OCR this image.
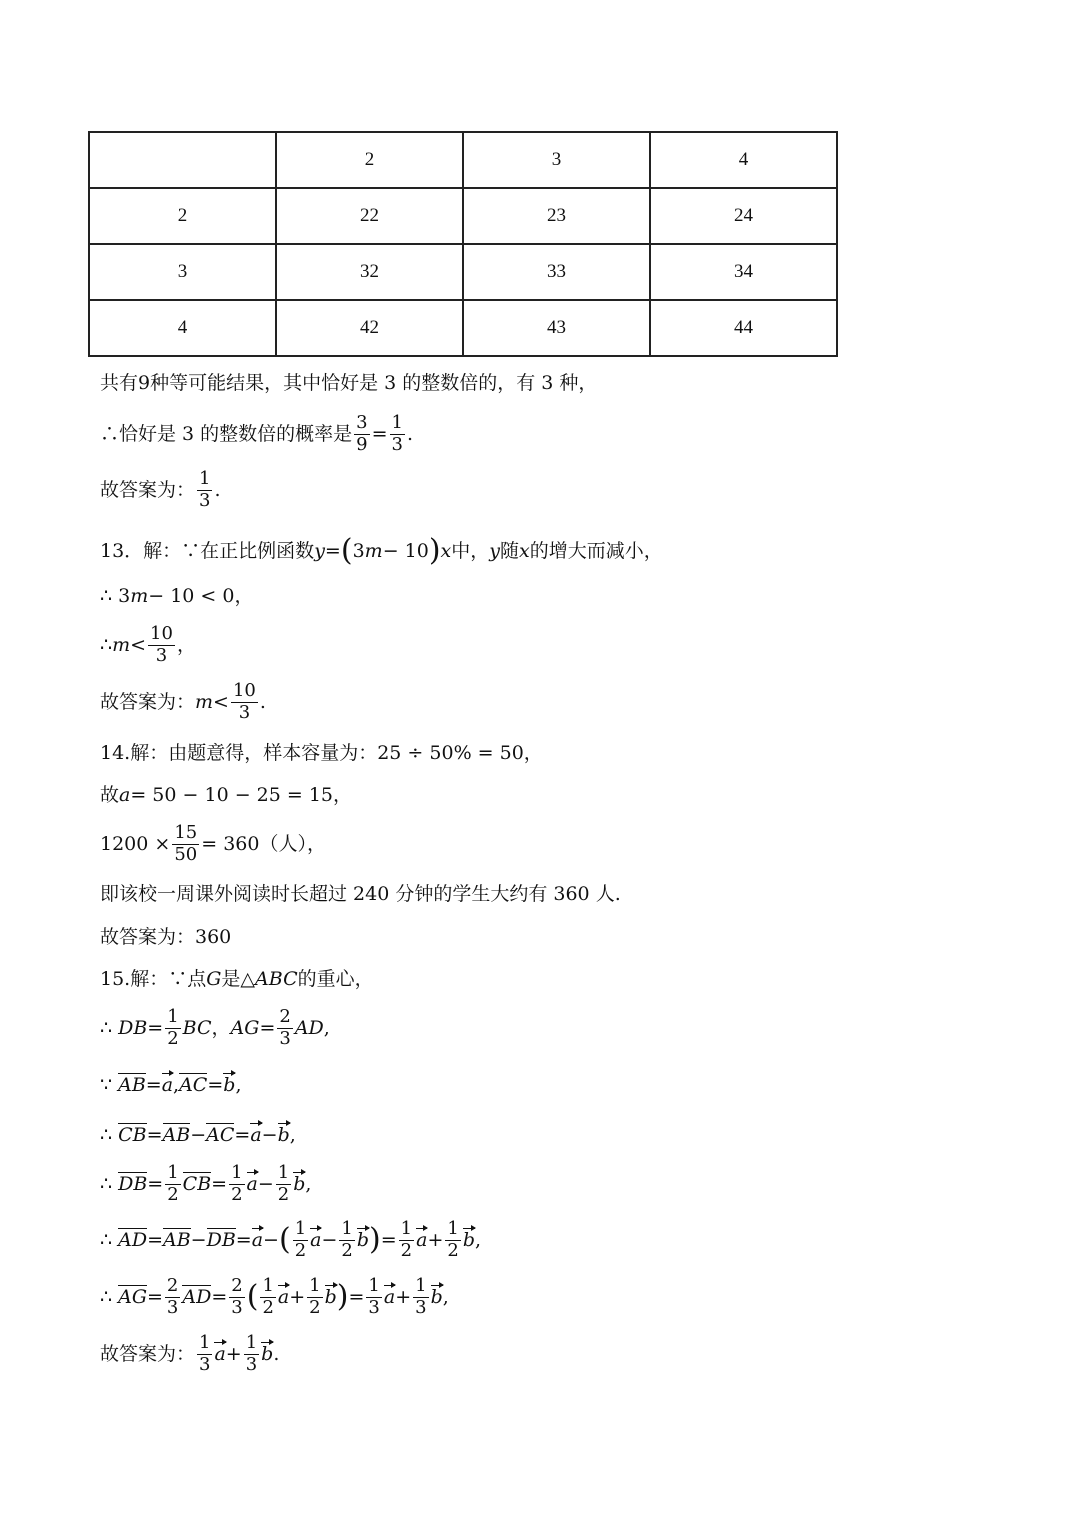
	2	3	4
2	22	23	24
3	32	33	34
4	42	43	44
共有9种等可能结果，其中恰好是 3 的整数倍的，有 3 种，
∴恰好是 3 的整数倍的概率是 $\frac{3}{9} = \frac{1}{3}$ .
故答案为： $\frac{1}{3}$ .
13．解：∵在正比例函数 y = ( 3 m − 10 ) x 中， y 随 x 的增大而减小，
∴ 3 m − 10 < 0，
∴ $m < \frac{10}{3}$ ，
故答案为： $m < \frac{10}{3}$ .
14.解：由题意得，样本容量为：25 ÷ 50% = 50，
故 a = 50 − 10 − 25 = 15，
$1200 \times \frac{15}{50} = 360$（人），
即该校一周课外阅读时长超过 240 分钟的学生大约有 360 人.
故答案为：360
15.解：∵点 G 是△ ABC 的重心，
∴ DB = $\frac{1}{2}$ BC ， AG = $\frac{2}{3}$ AD ,
∵ AB = a , AC = b ,
∴ CB = AB − AC = a − b ,
∴ DB = $\frac{1}{2}$ CB = $\frac{1}{2}$ $a - \frac{1}{2}$ b ,
∴ AD = AB − DB = a − ( $\frac{1}{2}$ $a - \frac{1}{2}$ b ) = $\frac{1}{2}$ $a + \frac{1}{2}$ b ,
∴ AG = $\frac{2}{3}$ AD = $\frac{2}{3}$ ( $\frac{1}{2}$ $a + \frac{1}{2}$ b ) = $\frac{1}{3}$ $a + \frac{1}{3}$ b ,
故答案为： $\frac{1}{3}$ $a + \frac{1}{3}$ b .
